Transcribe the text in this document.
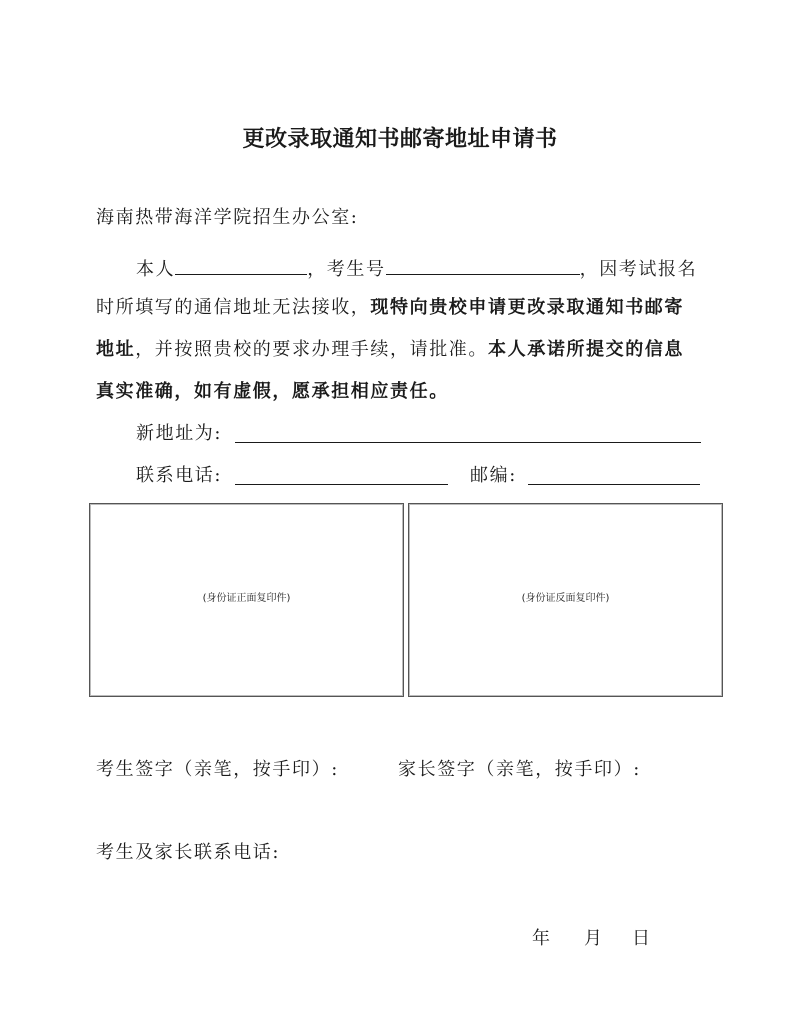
更改录取通知书邮寄地址申请书
海南热带海洋学院招生办公室:
本人	，考生号	，因考试报名
时所填写的通信地址无法接收，现特向贵校申请更改录取通知书邮寄
地址，并按照贵校的要求办理手续，请批准。本人承诺所提交的信息
真实准确，如有虚假，愿承担相应责任。
新地址为:
联系电话:	邮编:
(身份证正面复印件)	(身份证反面复印件)
考生签字（亲笔，按手印）:	家长签字（亲笔，按手印）:
考生及家长联系电话:
年 月 日
